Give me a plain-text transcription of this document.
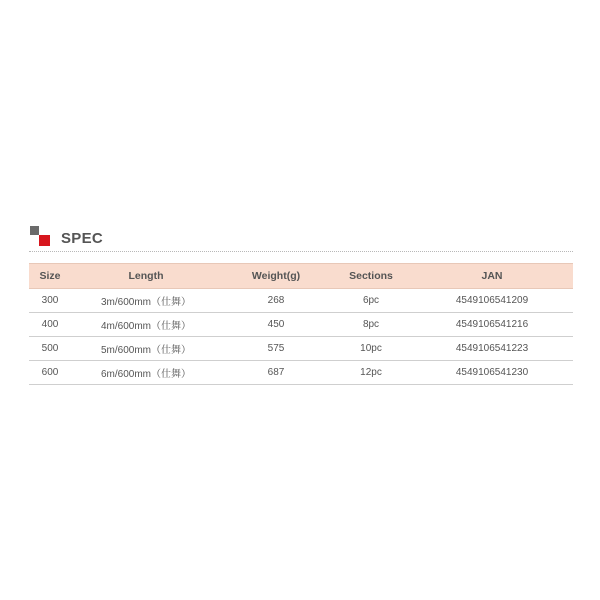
SPEC
Size	Length	Weight(g)	Sections	JAN
300	3m/600mm（仕舞）	268	6pc	4549106541209
400	4m/600mm（仕舞）	450	8pc	4549106541216
500	5m/600mm（仕舞）	575	10pc	4549106541223
600	6m/600mm（仕舞）	687	12pc	4549106541230
